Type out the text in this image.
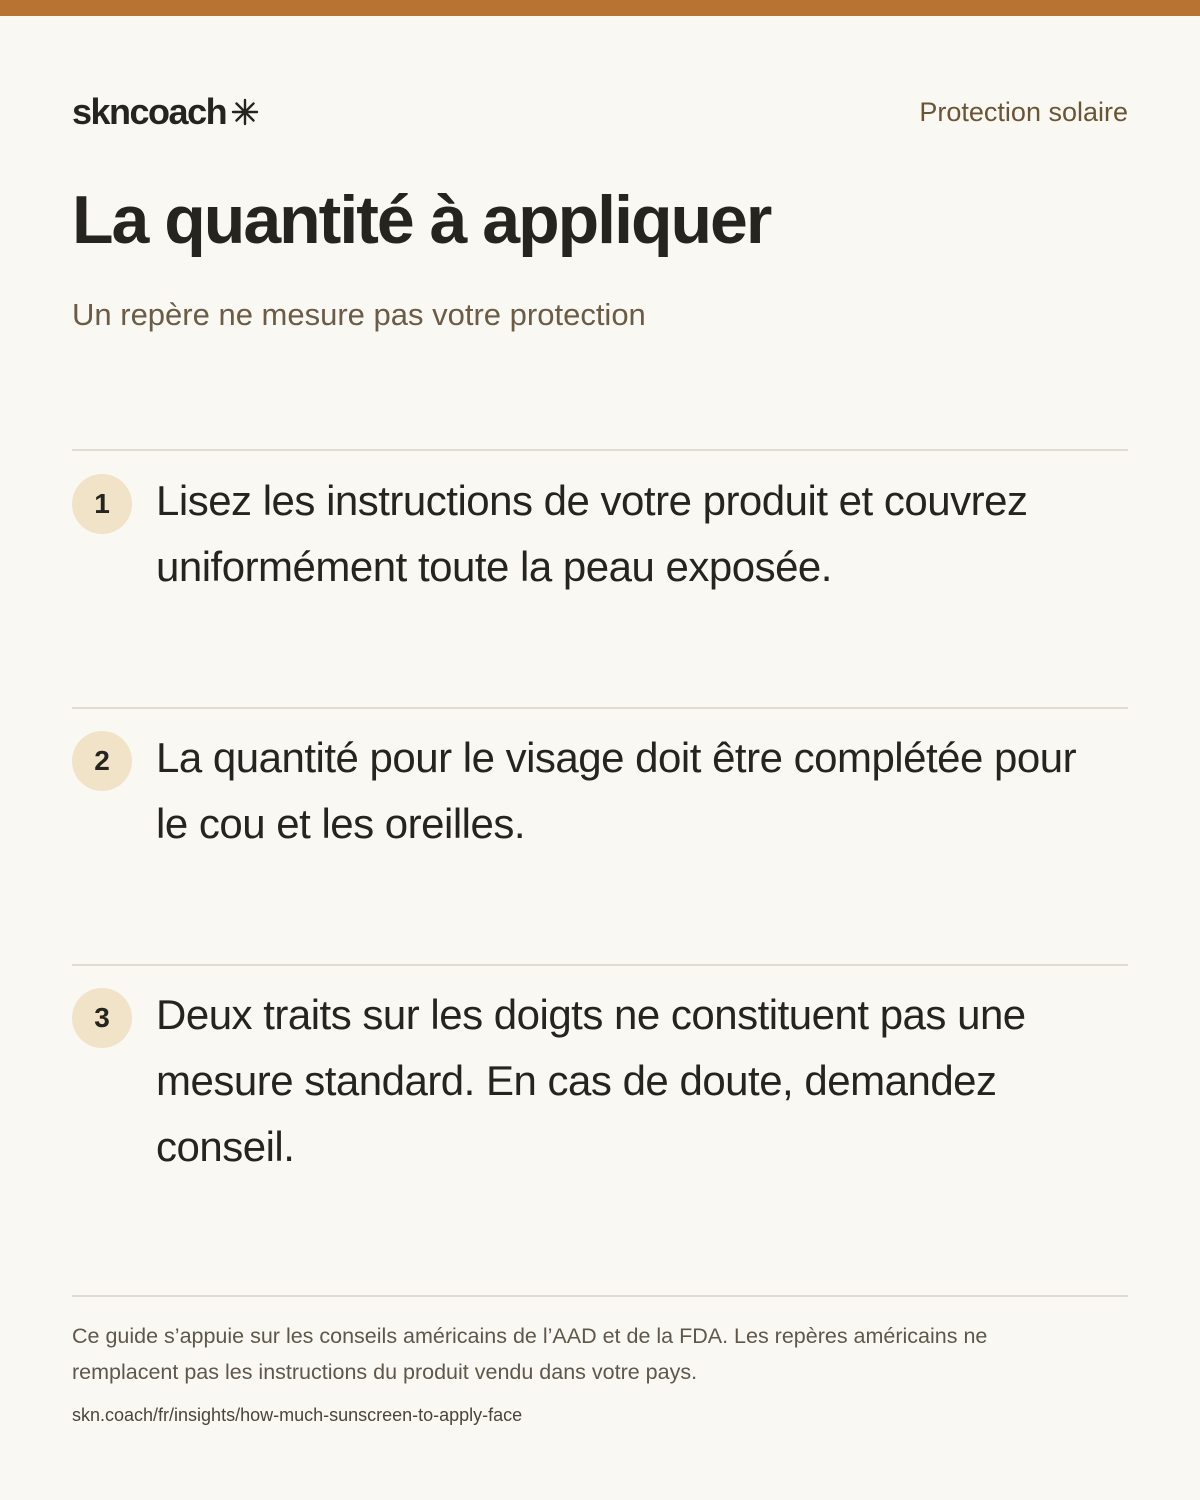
skncoach	Protection solaire
La quantité à appliquer

Un repère ne mesure pas votre protection

1	Lisez les instructions de votre produit et couvrez uniformément toute la peau exposée.

2	La quantité pour le visage doit être complétée pour le cou et les oreilles.

3	Deux traits sur les doigts ne constituent pas une mesure standard. En cas de doute, demandez conseil.

Ce guide s’appuie sur les conseils américains de l’AAD et de la FDA. Les repères américains ne remplacent pas les instructions du produit vendu dans votre pays.

skn.coach/fr/insights/how-much-sunscreen-to-apply-face
